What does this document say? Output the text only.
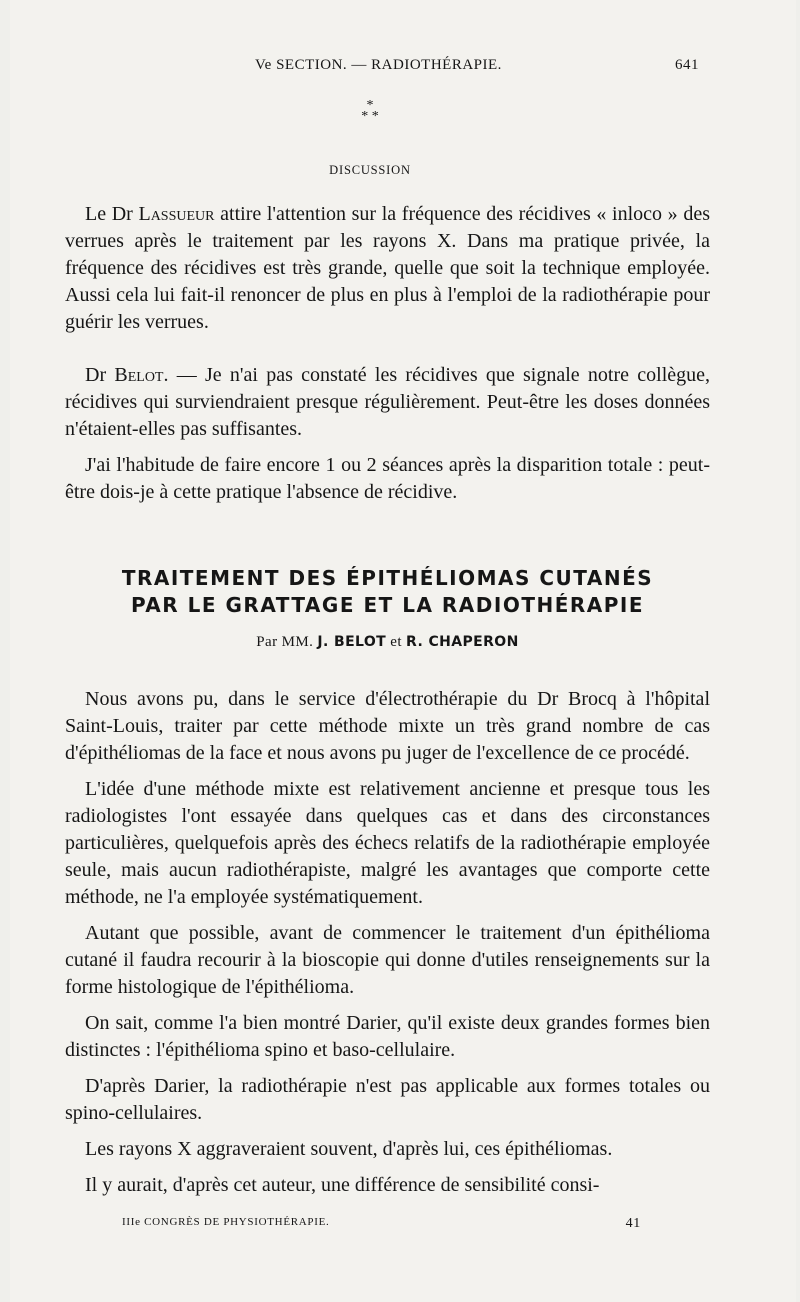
Ve SECTION. — RADIOTHÉRAPIE.	641
*
* *
DISCUSSION

Le Dr Lassueur attire l'attention sur la fréquence des récidives « inloco » des verrues après le traitement par les rayons X. Dans ma pratique privée, la fréquence des récidives est très grande, quelle que soit la technique employée. Aussi cela lui fait-il renoncer de plus en plus à l'emploi de la radiothérapie pour guérir les verrues.

Dr Belot. — Je n'ai pas constaté les récidives que signale notre collègue, récidives qui surviendraient presque régulièrement. Peut-être les doses données n'étaient-elles pas suffisantes.

J'ai l'habitude de faire encore 1 ou 2 séances après la disparition totale : peut-être dois-je à cette pratique l'absence de récidive.

TRAITEMENT DES ÉPITHÉLIOMAS CUTANÉS
PAR LE GRATTAGE ET LA RADIOTHÉRAPIE
Par MM. J. BELOT et R. CHAPERON

Nous avons pu, dans le service d'électrothérapie du Dr Brocq à l'hôpital Saint-Louis, traiter par cette méthode mixte un très grand nombre de cas d'épithéliomas de la face et nous avons pu juger de l'excellence de ce procédé.

L'idée d'une méthode mixte est relativement ancienne et presque tous les radiologistes l'ont essayée dans quelques cas et dans des circonstances particulières, quelquefois après des échecs relatifs de la radiothérapie employée seule, mais aucun radiothérapiste, malgré les avantages que comporte cette méthode, ne l'a employée systématiquement.

Autant que possible, avant de commencer le traitement d'un épithélioma cutané il faudra recourir à la bioscopie qui donne d'utiles renseignements sur la forme histologique de l'épithélioma.

On sait, comme l'a bien montré Darier, qu'il existe deux grandes formes bien distinctes : l'épithélioma spino et baso-cellulaire.

D'après Darier, la radiothérapie n'est pas applicable aux formes totales ou spino-cellulaires.

Les rayons X aggraveraient souvent, d'après lui, ces épithéliomas.

Il y aurait, d'après cet auteur, une différence de sensibilité consi-

IIIe CONGRÈS DE PHYSIOTHÉRAPIE.	41
